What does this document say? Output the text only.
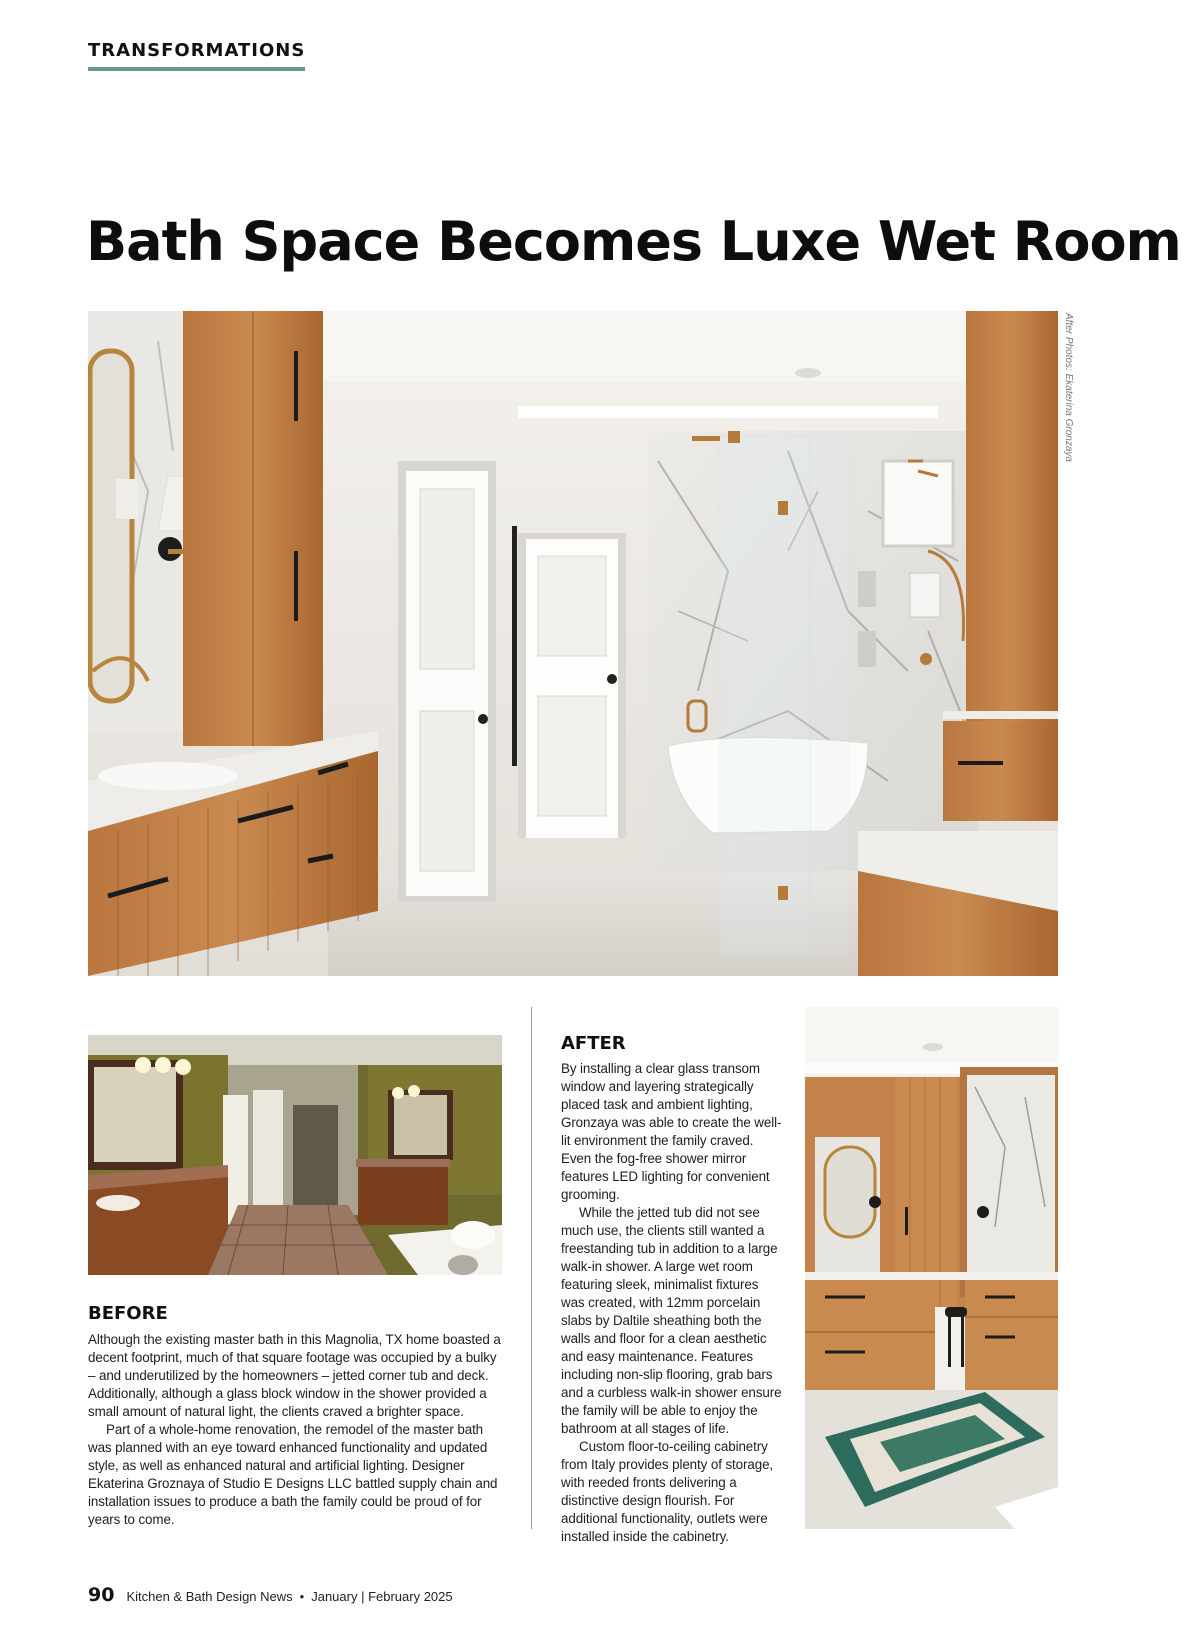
TRANSFORMATIONS
Bath Space Becomes Luxe Wet Room
After Photos: Ekaterina Gronzaya
BEFORE

Although the existing master bath in this Magnolia, TX home boasted a decent footprint, much of that square footage was occupied by a bulky – and underutilized by the homeowners – jetted corner tub and deck. Additionally, although a glass block window in the shower provided a small amount of natural light, the clients craved a brighter space.

Part of a whole-home renovation, the remodel of the master bath was planned with an eye toward enhanced functionality and updated style, as well as enhanced natural and artificial lighting. Designer Ekaterina Groznaya of Studio E Designs LLC battled supply chain and installation issues to produce a bath the family could be proud of for years to come.

AFTER

By installing a clear glass transom window and layering strategically placed task and ambient lighting, Gronzaya was able to create the well-lit environment the family craved. Even the fog-free shower mirror features LED lighting for convenient grooming.

While the jetted tub did not see much use, the clients still wanted a freestanding tub in addition to a large walk-in shower. A large wet room featuring sleek, minimalist fixtures was created, with 12mm porcelain slabs by Daltile sheathing both the walls and floor for a clean aesthetic and easy maintenance. Features including non-slip flooring, grab bars and a curbless walk-in shower ensure the family will be able to enjoy the bathroom at all stages of life.

Custom floor-to-ceiling cabinetry from Italy provides plenty of storage, with reeded fronts delivering a distinctive design flourish. For additional functionality, outlets were installed inside the cabinetry.

90 Kitchen & Bath Design News • January | February 2025
